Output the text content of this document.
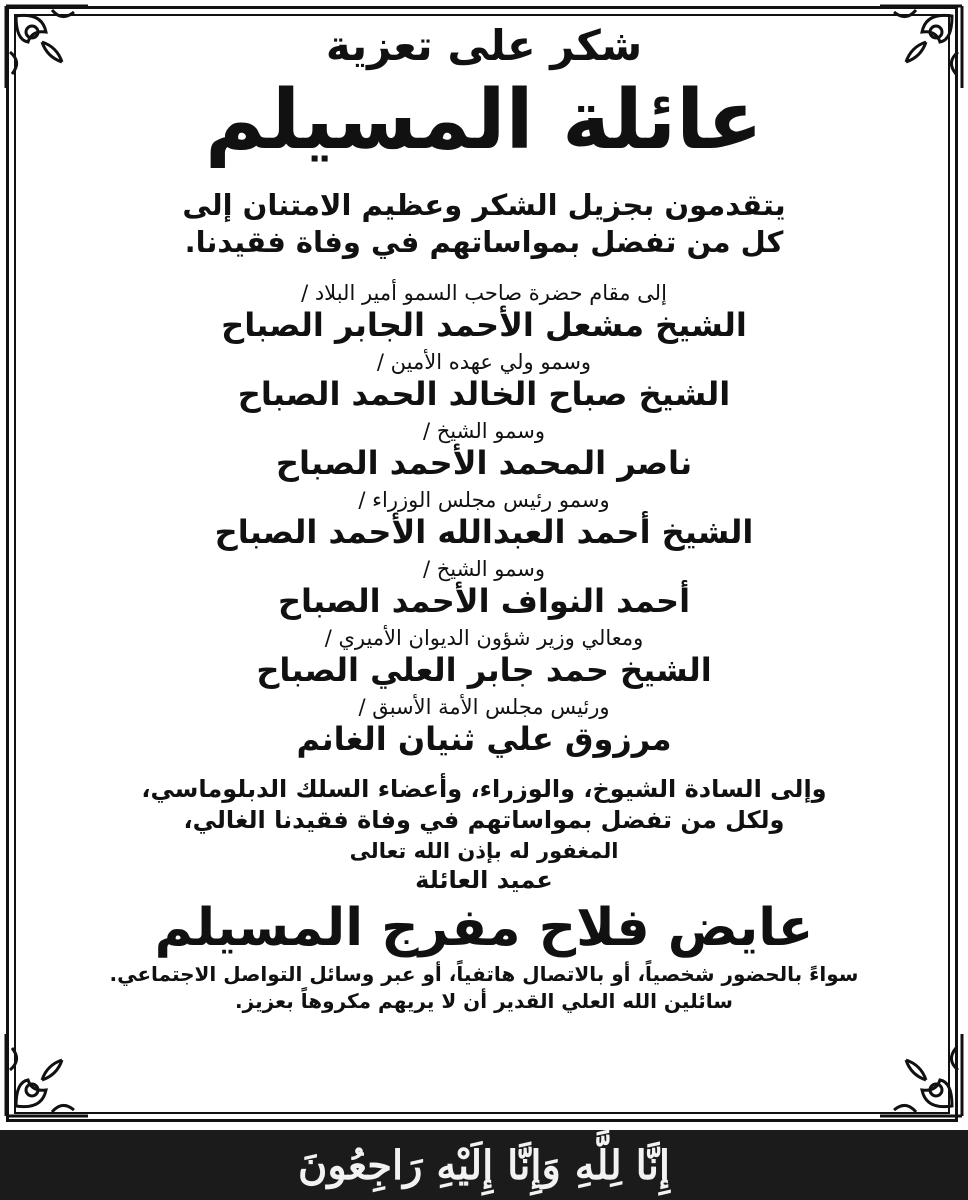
شكر على تعزية
عائلة المسيلم
يتقدمون بجزيل الشكر وعظيم الامتنان إلى
كل من تفضل بمواساتهم في وفاة فقيدنا.
إلى مقام حضرة صاحب السمو أمير البلاد /
الشيخ مشعل الأحمد الجابر الصباح
وسمو ولي عهده الأمين /
الشيخ صباح الخالد الحمد الصباح
وسمو الشيخ /
ناصر المحمد الأحمد الصباح
وسمو رئيس مجلس الوزراء /
الشيخ أحمد العبدالله الأحمد الصباح
وسمو الشيخ /
أحمد النواف الأحمد الصباح
ومعالي وزير شؤون الديوان الأميري /
الشيخ حمد جابر العلي الصباح
ورئيس مجلس الأمة الأسبق /
مرزوق علي ثنيان الغانم
وإلى السادة الشيوخ، والوزراء، وأعضاء السلك الدبلوماسي،
ولكل من تفضل بمواساتهم في وفاة فقيدنا الغالي،
المغفور له بإذن الله تعالى
عميد العائلة
عايض فلاح مفرج المسيلم
سواءً بالحضور شخصياً، أو بالاتصال هاتفياً، أو عبر وسائل التواصل الاجتماعي.
سائلين الله العلي القدير أن لا يريهم مكروهاً بعزيز.
إِنَّا لِلَّهِ وَإِنَّا إِلَيْهِ رَاجِعُونَ
